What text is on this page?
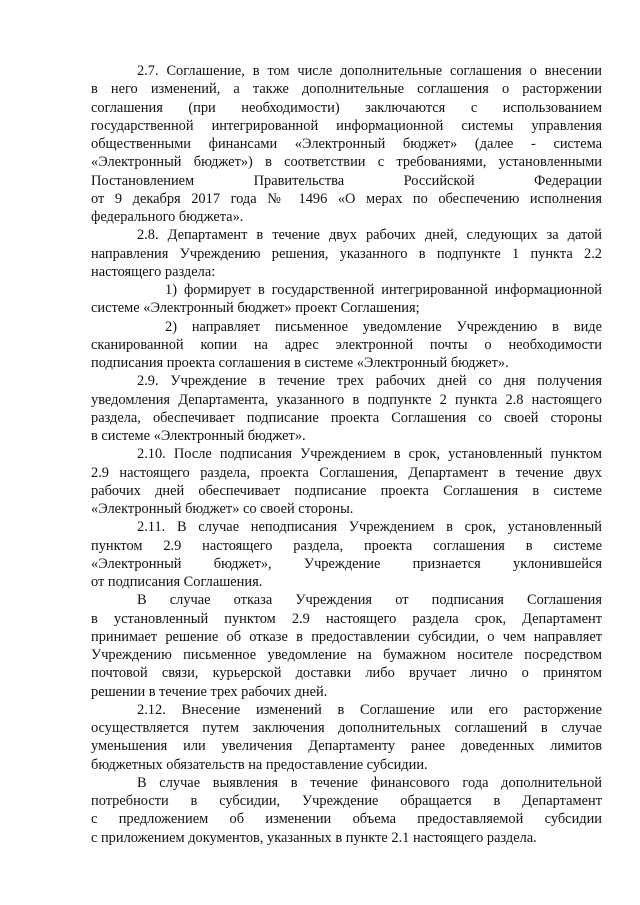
2.7. Соглашение, в том числе дополнительные соглашения о внесении
в него изменений, а также дополнительные соглашения о расторжении
соглашения (при необходимости) заключаются с использованием
государственной интегрированной информационной системы управления
общественными финансами «Электронный бюджет» (далее - система
«Электронный бюджет») в соответствии с требованиями, установленными
Постановлением Правительства Российской Федерации
от 9 декабря 2017 года № 1496 «О мерах по обеспечению исполнения
федерального бюджета».
2.8. Департамент в течение двух рабочих дней, следующих за датой
направления Учреждению решения, указанного в подпункте 1 пункта 2.2
настоящего раздела:
1) формирует в государственной интегрированной информационной
системе «Электронный бюджет» проект Соглашения;
2) направляет письменное уведомление Учреждению в виде
сканированной копии на адрес электронной почты о необходимости
подписания проекта соглашения в системе «Электронный бюджет».
2.9. Учреждение в течение трех рабочих дней со дня получения
уведомления Департамента, указанного в подпункте 2 пункта 2.8 настоящего
раздела, обеспечивает подписание проекта Соглашения со своей стороны
в системе «Электронный бюджет».
2.10. После подписания Учреждением в срок, установленный пунктом
2.9 настоящего раздела, проекта Соглашения, Департамент в течение двух
рабочих дней обеспечивает подписание проекта Соглашения в системе
«Электронный бюджет» со своей стороны.
2.11. В случае неподписания Учреждением в срок, установленный
пунктом 2.9 настоящего раздела, проекта соглашения в системе
«Электронный бюджет», Учреждение признается уклонившейся
от подписания Соглашения.
В случае отказа Учреждения от подписания Соглашения
в установленный пунктом 2.9 настоящего раздела срок, Департамент
принимает решение об отказе в предоставлении субсидии, о чем направляет
Учреждению письменное уведомление на бумажном носителе посредством
почтовой связи, курьерской доставки либо вручает лично о принятом
решении в течение трех рабочих дней.
2.12. Внесение изменений в Соглашение или его расторжение
осуществляется путем заключения дополнительных соглашений в случае
уменьшения или увеличения Департаменту ранее доведенных лимитов
бюджетных обязательств на предоставление субсидии.
В случае выявления в течение финансового года дополнительной
потребности в субсидии, Учреждение обращается в Департамент
с предложением об изменении объема предоставляемой субсидии
с приложением документов, указанных в пункте 2.1 настоящего раздела.
